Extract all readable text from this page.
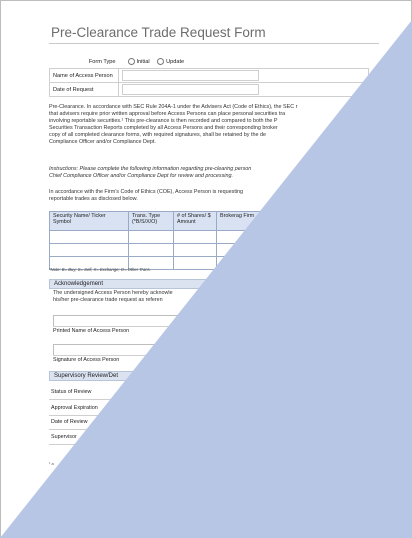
Pre-Clearance Trade Request Form
Form Type	Initial Update
Name of Access Person	
Date of Request	
Pre-Clearance. In accordance with SEC Rule 204A-1 under the Advisers Act (Code of Ethics), the SEC r
that advisers require prior written approval before Access Persons can place personal securities tra
involving reportable securities.¹ This pre-clearance is then recorded and compared to both the P
Securities Transaction Reports completed by all Access Persons and their corresponding broker
copy of all completed clearance forms, with required signatures, shall be retained by the de
Compliance Officer and/or Compliance Dept.
Instructions: Please complete the following information regarding pre-clearing person
Chief Compliance Officer and/or Compliance Dept for review and processing.
In accordance with the Firm’s Code of Ethics (COE), Access Person is requesting
reportable trades as disclosed below.
Security Name/ Ticker Symbol	Trans. Type (*B/S/X/O)	# of Shares/ $ Amount	Brokerag Firm

*Note: B= Buy; S= Sell; X= Exchange; O= Other Trans.
Acknowledgement
The undersigned Access Person hereby acknowle
his/her pre-clearance trade request as referen
Printed Name of Access Person
Signature of Access Person
Supervisory Review/Det
Status of Review
Approval Expiration
Date of Review
Supervisor
¹ a
